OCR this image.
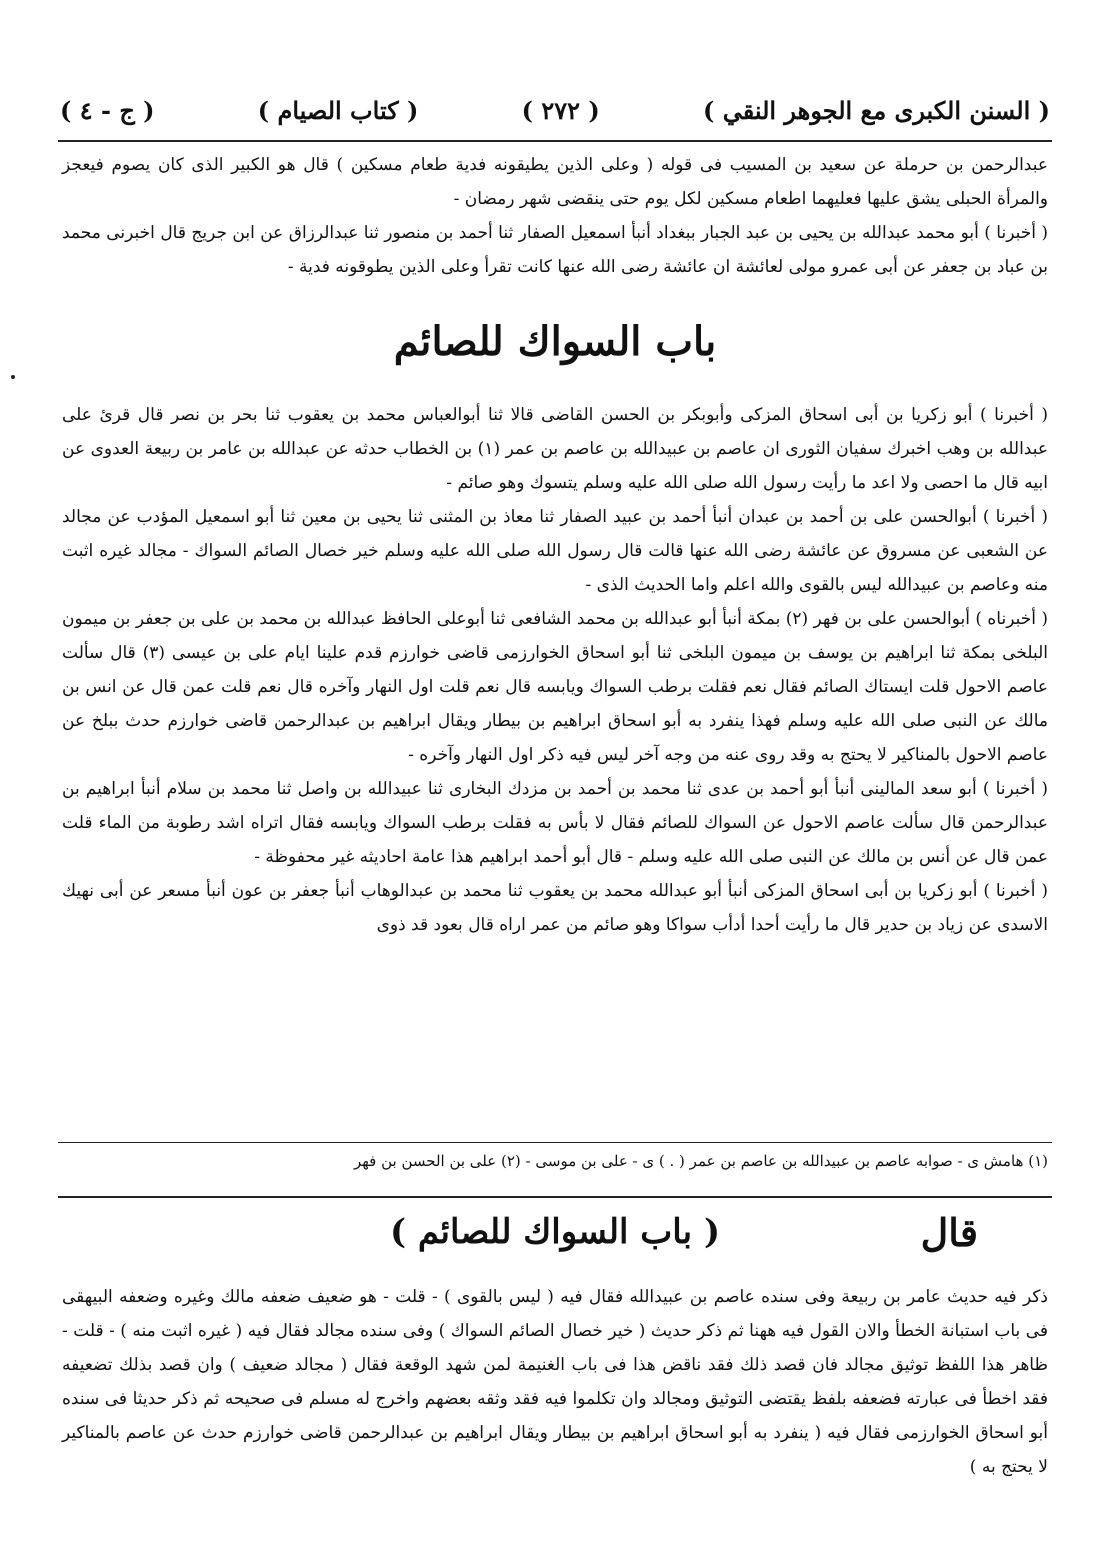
( السنن الكبرى مع الجوهر النقي )
( ٢٧٢ )
( كتاب الصيام )
( ج - ٤ )

عبدالرحمن بن حرملة عن سعيد بن المسيب فى قوله ( وعلى الذين يطيقونه فدية طعام مسكين ) قال هو الكبير الذى كان يصوم فيعجز والمرأة الحبلى يشق عليها فعليهما اطعام مسكين لكل يوم حتى ينقضى شهر رمضان -

( أخبرنا ) أبو محمد عبدالله بن يحيى بن عبد الجبار ببغداد أنبأ اسمعيل الصفار ثنا أحمد بن منصور ثنا عبدالرزاق عن ابن جريج قال اخبرنى محمد بن عباد بن جعفر عن أبى عمرو مولى لعائشة ان عائشة رضى الله عنها كانت تقرأ وعلى الذين يطوقونه فدية -

باب السواك للصائم

( أخبرنا ) أبو زكريا بن أبى اسحاق المزكى وأبوبكر بن الحسن القاضى قالا ثنا أبوالعباس محمد بن يعقوب ثنا بحر بن نصر قال قرئ على عبدالله بن وهب اخبرك سفيان الثورى ان عاصم بن عبيدالله بن عاصم بن عمر (١) بن الخطاب حدثه عن عبدالله بن عامر بن ربيعة العدوى عن ابيه قال ما احصى ولا اعد ما رأيت رسول الله صلى الله عليه وسلم يتسوك وهو صائم -

( أخبرنا ) أبوالحسن على بن أحمد بن عبدان أنبأ أحمد بن عبيد الصفار ثنا معاذ بن المثنى ثنا يحيى بن معين ثنا أبو اسمعيل المؤدب عن مجالد عن الشعبى عن مسروق عن عائشة رضى الله عنها قالت قال رسول الله صلى الله عليه وسلم خير خصال الصائم السواك - مجالد غيره اثبت منه وعاصم بن عبيدالله ليس بالقوى والله اعلم واما الحديث الذى -

( أخبرناه ) أبوالحسن على بن فهر (٢) بمكة أنبأ أبو عبدالله بن محمد الشافعى ثنا أبوعلى الحافظ عبدالله بن محمد بن على بن جعفر بن ميمون البلخى بمكة ثنا ابراهيم بن يوسف بن ميمون البلخى ثنا أبو اسحاق الخوارزمى قاضى خوارزم قدم علينا ايام على بن عيسى (٣) قال سألت عاصم الاحول قلت ايستاك الصائم فقال نعم فقلت برطب السواك ويابسه قال نعم قلت اول النهار وآخره قال نعم قلت عمن قال عن انس بن مالك عن النبى صلى الله عليه وسلم فهذا ينفرد به أبو اسحاق ابراهيم بن بيطار ويقال ابراهيم بن عبدالرحمن قاضى خوارزم حدث ببلخ عن عاصم الاحول بالمناكير لا يحتج به وقد روى عنه من وجه آخر ليس فيه ذكر اول النهار وآخره -

( أخبرنا ) أبو سعد المالينى أنبأ أبو أحمد بن عدى ثنا محمد بن أحمد بن مزدك البخارى ثنا عبيدالله بن واصل ثنا محمد بن سلام أنبأ ابراهيم بن عبدالرحمن قال سألت عاصم الاحول عن السواك للصائم فقال لا بأس به فقلت برطب السواك ويابسه فقال اتراه اشد رطوبة من الماء قلت عمن قال عن أنس بن مالك عن النبى صلى الله عليه وسلم - قال أبو أحمد ابراهيم هذا عامة احاديثه غير محفوظة -

( أخبرنا ) أبو زكريا بن أبى اسحاق المزكى أنبأ أبو عبدالله محمد بن يعقوب ثنا محمد بن عبدالوهاب أنبأ جعفر بن عون أنبأ مسعر عن أبى نهيك الاسدى عن زياد بن حدير قال ما رأيت أحدا أدأب سواكا وهو صائم من عمر اراه قال بعود قد ذوى

(١) هامش ى - صوابه عاصم بن عبيدالله بن عاصم بن عمر ( . ) ى - على بن موسى - (٢) على بن الحسن بن فهر
قال
( باب السواك للصائم )

ذكر فيه حديث عامر بن ربيعة وفى سنده عاصم بن عبيدالله فقال فيه ( ليس بالقوى ) - قلت - هو ضعيف ضعفه مالك وغيره وضعفه البيهقى فى باب استبانة الخطأ والان القول فيه ههنا ثم ذكر حديث ( خير خصال الصائم السواك ) وفى سنده مجالد فقال فيه ( غيره اثبت منه ) - قلت - ظاهر هذا اللفظ توثيق مجالد فان قصد ذلك فقد ناقض هذا فى باب الغنيمة لمن شهد الوقعة فقال ( مجالد ضعيف ) وان قصد بذلك تضعيفه فقد اخطأ فى عبارته فضعفه بلفظ يقتضى التوثيق ومجالد وان تكلموا فيه فقد وثقه بعضهم واخرج له مسلم فى صحيحه ثم ذكر حديثا فى سنده أبو اسحاق الخوارزمى فقال فيه ( ينفرد به أبو اسحاق ابراهيم بن بيطار ويقال ابراهيم بن عبدالرحمن قاضى خوارزم حدث عن عاصم بالمناكير لا يحتج به )
